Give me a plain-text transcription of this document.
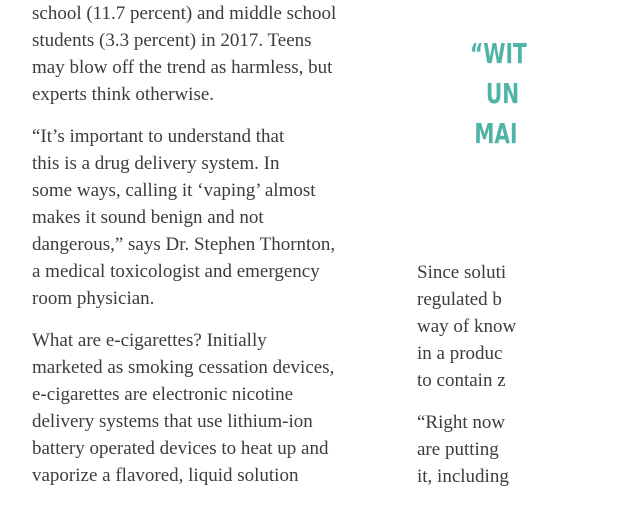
school (11.7 percent) and middle school
students (3.3 percent) in 2017. Teens
may blow off the trend as harmless, but
experts think otherwise.

“It’s important to understand that
this is a drug delivery system. In
some ways, calling it ‘vaping’ almost
makes it sound benign and not
dangerous,” says Dr. Stephen Thornton,
a medical toxicologist and emergency
room physician.

What are e-cigarettes? Initially
marketed as smoking cessation devices,
e-cigarettes are electronic nicotine
delivery systems that use lithium-ion
battery operated devices to heat up and
vaporize a flavored, liquid solution

“WIT
UN
MAI

Since soluti
regulated b
way of know
in a produc
to contain z

“Right now
are putting
it, including
